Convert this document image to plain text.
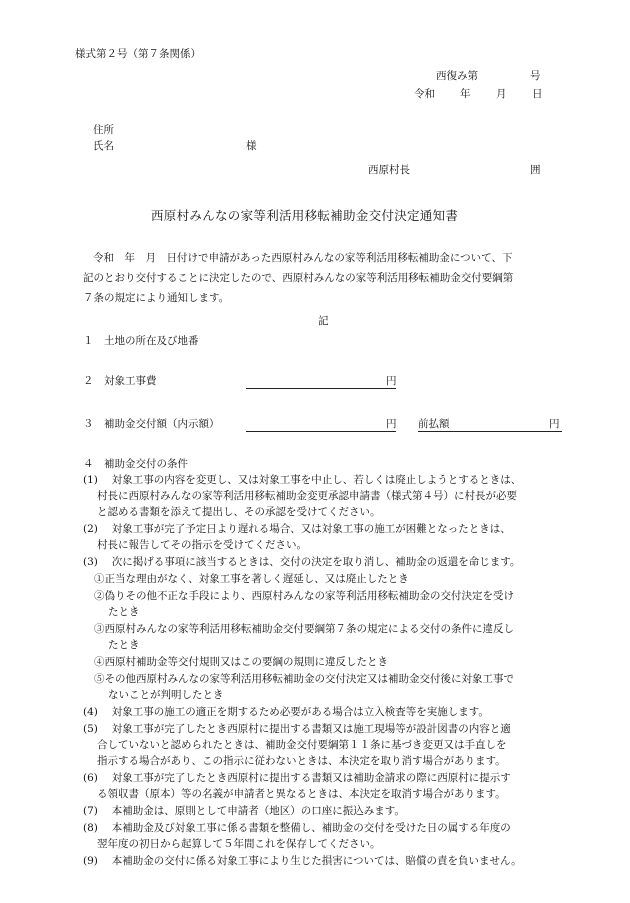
様式第２号（第７条関係）
西復み第	号
令和 年 月 日
住所
氏名	様
西原村長	囲
西原村みんなの家等利活用移転補助金交付決定通知書
令和　年　月　日付けで申請があった西原村みんなの家等利活用移転補助金について、下
記のとおり交付することに決定したので、西原村みんなの家等利活用移転補助金交付要綱第
７条の規定により通知します。
記
１　土地の所在及び地番
２　対象工事費	円
３　補助金交付額（内示額）	円 前払額	円
４　補助金交付の条件
(1)　 対象工事の内容を変更し、又は対象工事を中止し、若しくは廃止しようとするときは、
村長に西原村みんなの家等利活用移転補助金変更承認申請書（様式第４号）に村長が必要
と認める書類を添えて提出し、その承認を受けてください。
(2)　 対象工事が完了予定日より遅れる場合、又は対象工事の施工が困難となったときは、
村長に報告してその指示を受けてください。
(3)　 次に掲げる事項に該当するときは、交付の決定を取り消し、補助金の返還を命じます。
①正当な理由がなく、対象工事を著しく遅延し、又は廃止したとき
②偽りその他不正な手段により、西原村みんなの家等利活用移転補助金の交付決定を受け
たとき
③西原村みんなの家等利活用移転補助金交付要綱第７条の規定による交付の条件に違反し
たとき
④西原村補助金等交付規則又はこの要綱の規則に違反したとき
⑤その他西原村みんなの家等利活用移転補助金の交付決定又は補助金交付後に対象工事で
ないことが判明したとき
(4)　 対象工事の施工の適正を期するため必要がある場合は立入検査等を実施します。
(5)　 対象工事が完了したとき西原村に提出する書類又は施工現場等が設計図書の内容と適
合していないと認められたときは、補助金交付要綱第１１条に基づき変更又は手直しを
指示する場合があり、この指示に従わないときは、本決定を取り消す場合があります。
(6)　 対象工事が完了したとき西原村に提出する書類又は補助金請求の際に西原村に提示す
る領収書（原本）等の名義が申請者と異なるときは、本決定を取消す場合があります。
(7)　 本補助金は、原則として申請者（地区）の口座に振込みます。
(8)　 本補助金及び対象工事に係る書類を整備し、補助金の交付を受けた日の属する年度の
翌年度の初日から起算して５年間これを保存してください。
(9)　 本補助金の交付に係る対象工事により生じた損害については、賠償の責を負いません。
